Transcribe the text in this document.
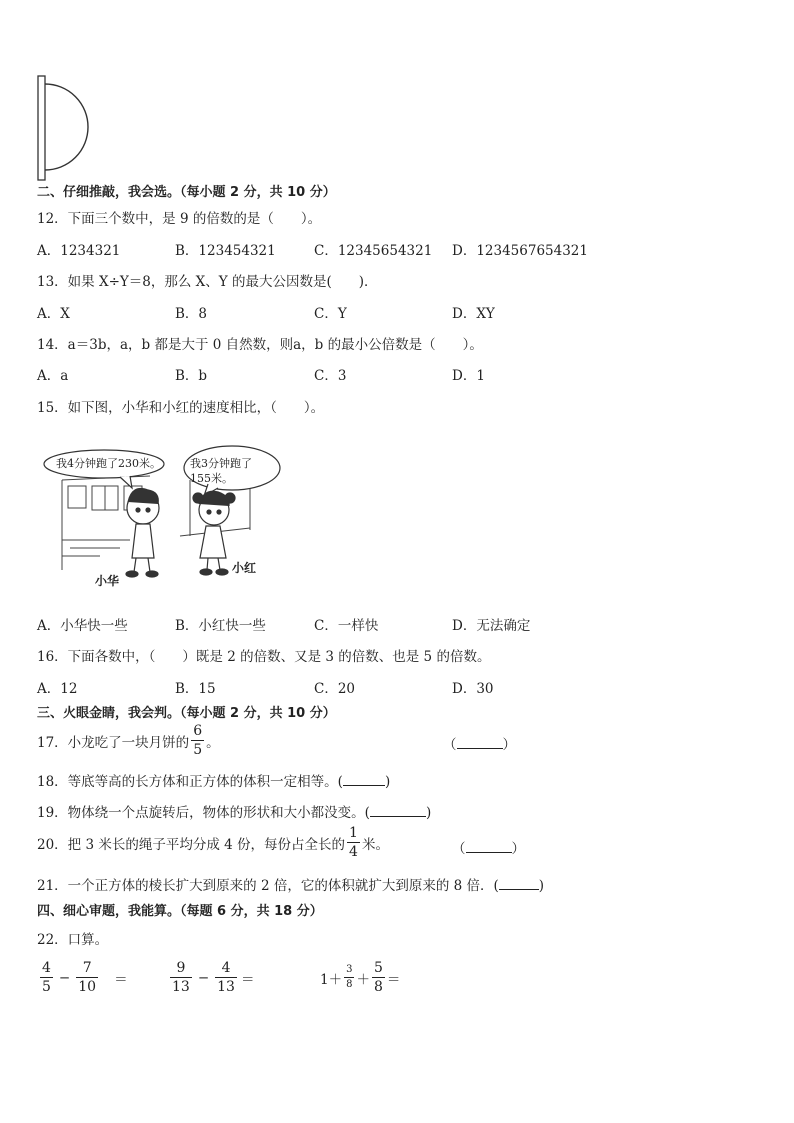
二、仔细推敲，我会选。（每小题 2 分，共 10 分）
12．下面三个数中，是 9 的倍数的是（　　）。
A．1234321	B．123454321	C．12345654321 D．1234567654321
13．如果 X÷Y＝8，那么 X、Y 的最大公因数是(　　)．
A．X	B．8	C．Y	D．XY
14．a＝3b，a，b 都是大于 0 自然数，则a，b 的最小公倍数是（　　）。
A．a	B．b	C．3	D．1
15．如下图，小华和小红的速度相比，（　　）。
我4分钟跑了230米。	我3分钟跑了
155米。
小华
小红
A．小华快一些	B．小红快一些	C．一样快	D．无法确定
16．下面各数中，（　　）既是 2 的倍数、又是 3 的倍数、也是 5 的倍数。
A．12	B．15	C．20	D．30
三、火眼金睛，我会判。（每小题 2 分，共 10 分）
17．小龙吃了一块月饼的 $\frac{6}{5}$ 。	（	）
18．等底等高的长方体和正方体的体积一定相等。(	)
19．物体绕一个点旋转后，物体的形状和大小都没变。(	)
20．把 3 米长的绳子平均分成 4 份，每份占全长的 $\frac{1}{4}$ 米。	（	）
21．一个正方体的棱长扩大到原来的 2 倍，它的体积就扩大到原来的 8 倍．(	)
四、细心审题，我能算。（每题 6 分，共 18 分）
22．口算。
$\frac{4}{5} - \frac{7}{10}$ ＝	$\frac{9}{13} - \frac{4}{13}$ ＝	$1+ \frac{3}{8} + \frac{5}{8}$ ＝
